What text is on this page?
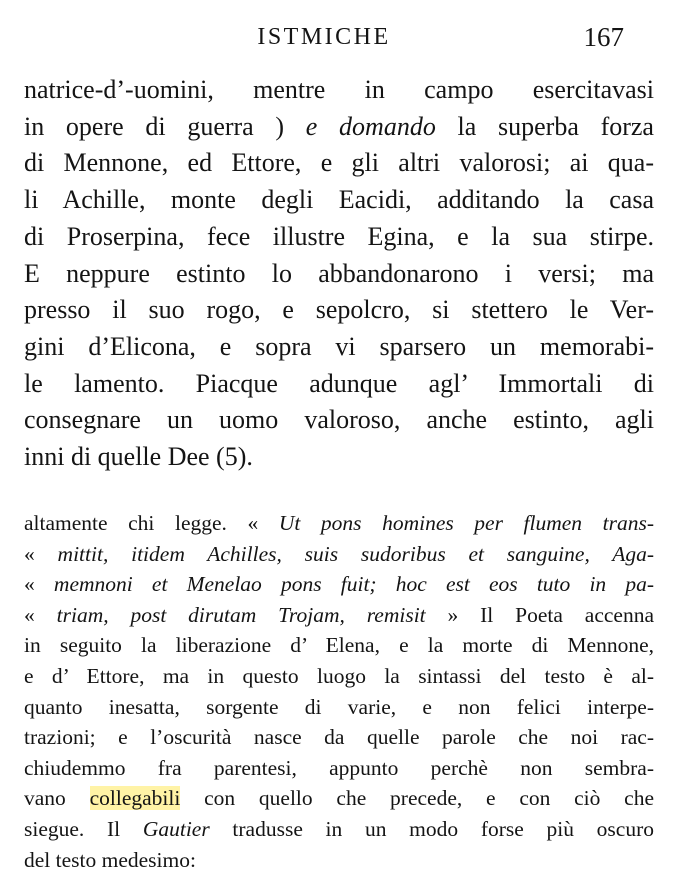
ISTMICHE	167
natrice-d’-uomini, mentre in campo esercitavasi
in opere di guerra ) e domando la superba forza
di Mennone, ed Ettore, e gli altri valorosi; ai qua-
li Achille, monte degli Eacidi, additando la casa
di Proserpina, fece illustre Egina, e la sua stirpe.
E neppure estinto lo abbandonarono i versi; ma
presso il suo rogo, e sepolcro, si stettero le Ver-
gini d’Elicona, e sopra vi sparsero un memorabi-
le lamento. Piacque adunque agl’ Immortali di
consegnare un uomo valoroso, anche estinto, agli
inni di quelle Dee (5).
altamente chi legge. « Ut pons homines per flumen trans-
« mittit, itidem Achilles, suis sudoribus et sanguine, Aga-
« memnoni et Menelao pons fuit; hoc est eos tuto in pa-
« triam, post dirutam Trojam, remisit » Il Poeta accenna
in seguito la liberazione d’ Elena, e la morte di Mennone,
e d’ Ettore, ma in questo luogo la sintassi del testo è al-
quanto inesatta, sorgente di varie, e non felici interpe-
trazioni; e l’oscurità nasce da quelle parole che noi rac-
chiudemmo fra parentesi, appunto perchè non sembra-
vano collegabili con quello che precede, e con ciò che
siegue. Il Gautier tradusse in un modo forse più oscuro
del testo medesimo:
